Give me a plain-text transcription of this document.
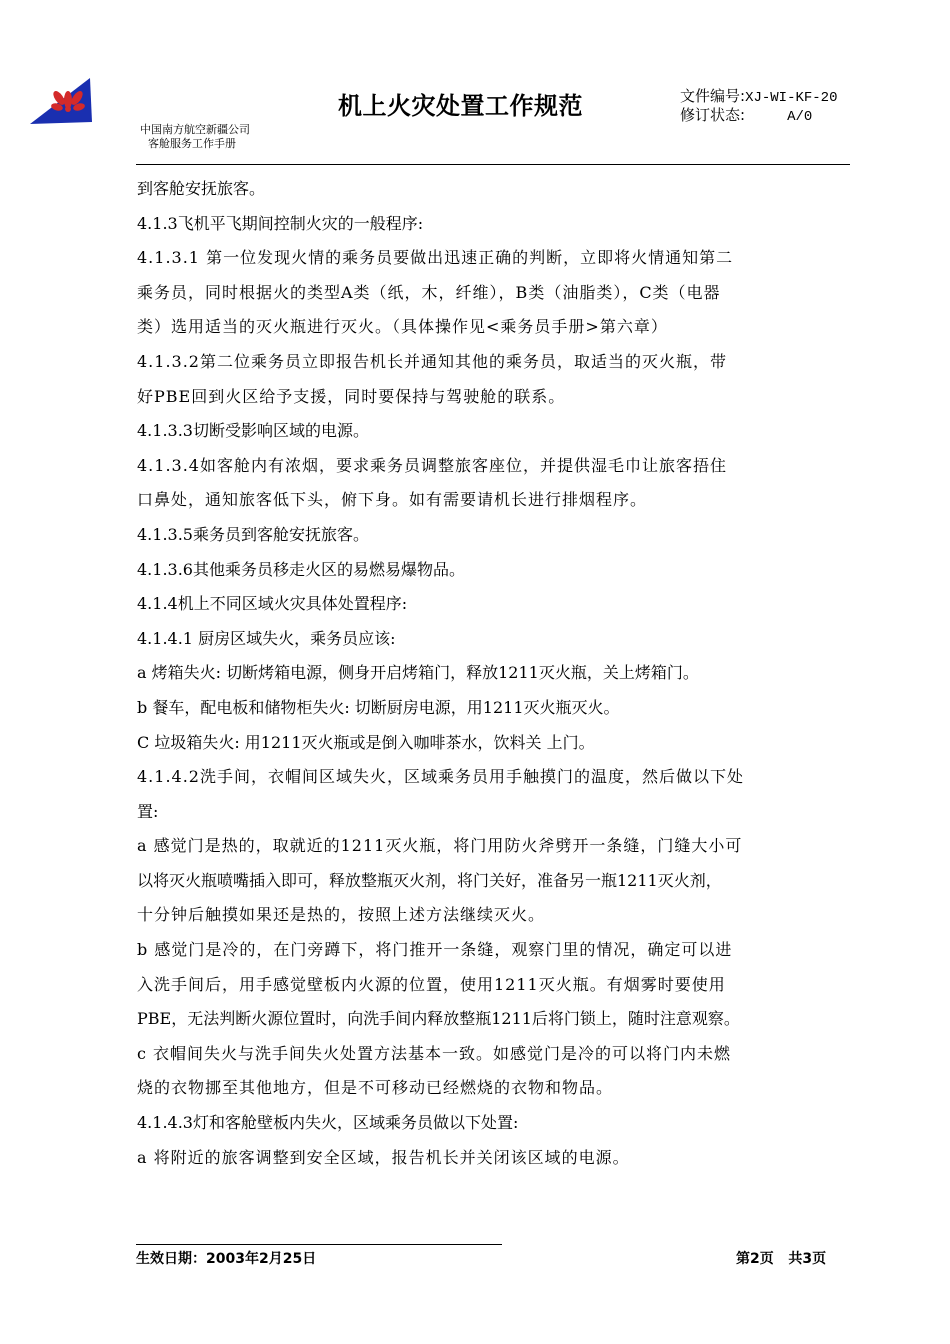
中国南方航空新疆公司
客舱服务工作手册
机上火灾处置工作规范	文件编号:XJ-WI-KF-20
修订状态:	A/0
到客舱安抚旅客。
4.1.3飞机平飞期间控制火灾的一般程序:
4.1.3.1 第一位发现火情的乘务员要做出迅速正确的判断，立即将火情通知第二
乘务员，同时根据火的类型A类（纸，木，纤维），B类（油脂类），C类（电器
类）选用适当的灭火瓶进行灭火。（具体操作见<乘务员手册>第六章）
4.1.3.2第二位乘务员立即报告机长并通知其他的乘务员，取适当的灭火瓶，带
好PBE回到火区给予支援，同时要保持与驾驶舱的联系。
4.1.3.3切断受影响区域的电源。
4.1.3.4如客舱内有浓烟，要求乘务员调整旅客座位，并提供湿毛巾让旅客捂住
口鼻处，通知旅客低下头，俯下身。如有需要请机长进行排烟程序。
4.1.3.5乘务员到客舱安抚旅客。
4.1.3.6其他乘务员移走火区的易燃易爆物品。
4.1.4机上不同区域火灾具体处置程序:
4.1.4.1 厨房区域失火，乘务员应该:
a 烤箱失火: 切断烤箱电源，侧身开启烤箱门，释放1211灭火瓶，关上烤箱门。
b 餐车，配电板和储物柜失火: 切断厨房电源，用1211灭火瓶灭火。
C 垃圾箱失火: 用1211灭火瓶或是倒入咖啡茶水，饮料关 上门。
4.1.4.2洗手间，衣帽间区域失火，区域乘务员用手触摸门的温度，然后做以下处
置:
a 感觉门是热的，取就近的1211灭火瓶，将门用防火斧劈开一条缝，门缝大小可
以将灭火瓶喷嘴插入即可，释放整瓶灭火剂，将门关好，准备另一瓶1211灭火剂，
十分钟后触摸如果还是热的，按照上述方法继续灭火。
b 感觉门是冷的，在门旁蹲下，将门推开一条缝，观察门里的情况，确定可以进
入洗手间后，用手感觉壁板内火源的位置，使用1211灭火瓶。有烟雾时要使用
PBE，无法判断火源位置时，向洗手间内释放整瓶1211后将门锁上，随时注意观察。
c 衣帽间失火与洗手间失火处置方法基本一致。如感觉门是冷的可以将门内未燃
烧的衣物挪至其他地方，但是不可移动已经燃烧的衣物和物品。
4.1.4.3灯和客舱壁板内失火，区域乘务员做以下处置:
a 将附近的旅客调整到安全区域，报告机长并关闭该区域的电源。
生效日期：2003年2月25日	第2页 共3页
